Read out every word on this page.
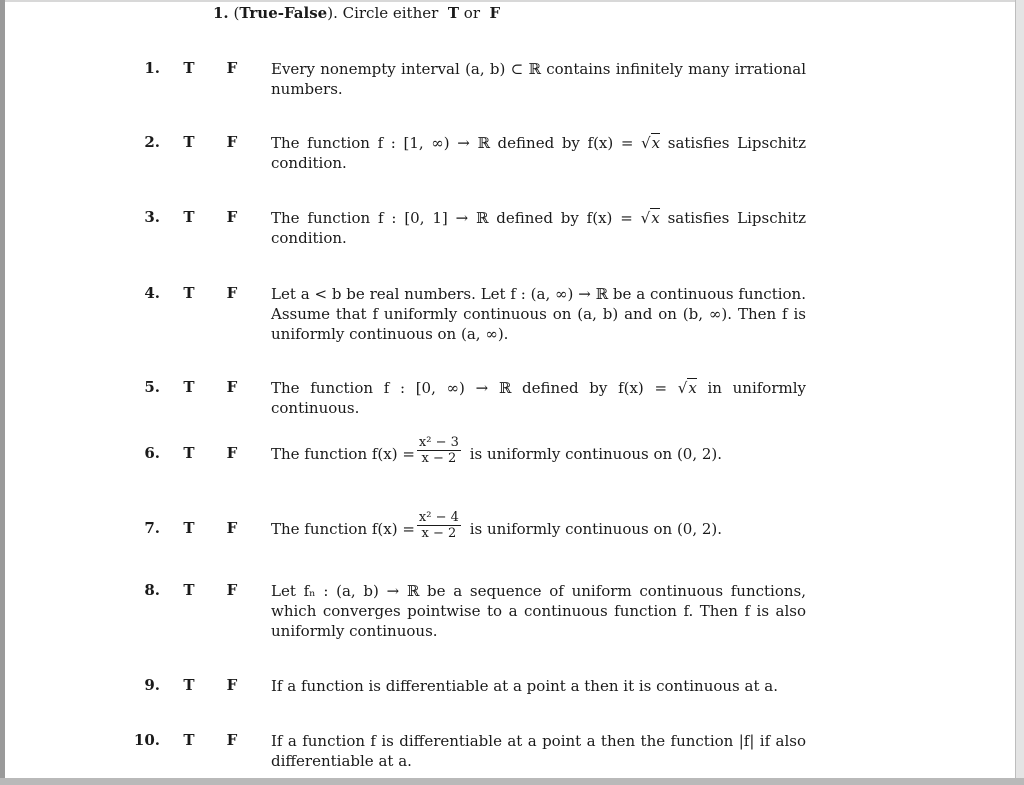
1. (True-False). Circle either T or F
1. T F Every nonempty interval (a, b) ⊂ ℝ contains infinitely many irrational numbers.
2. T F The function f : [1, ∞) → ℝ defined by f(x) = √x satisfies Lipschitz condition.
3. T F The function f : [0, 1] → ℝ defined by f(x) = √x satisfies Lipschitz condition.
4. T F Let a < b be real numbers. Let f : (a, ∞) → ℝ be a continuous function. Assume that f uniformly continuous on (a, b) and on (b, ∞). Then f is uniformly continuous on (a, ∞).
5. T F The function f : [0, ∞) → ℝ defined by f(x) = √x in uniformly continuous.
6. T F The function $f(x) = \frac{\text{x² − 3}}{x - 2}$ is uniformly continuous on (0, 2).
7. T F The function $f(x) = \frac{\text{x² − 4}}{x - 2}$ is uniformly continuous on (0, 2).
8. T F Let fₙ : (a, b) → ℝ be a sequence of uniform continuous functions, which converges pointwise to a continuous function f. Then f is also uniformly continuous.
9. T F If a function is differentiable at a point a then it is continuous at a.
10. T F If a function f is differentiable at a point a then the function |f| if also differentiable at a.
